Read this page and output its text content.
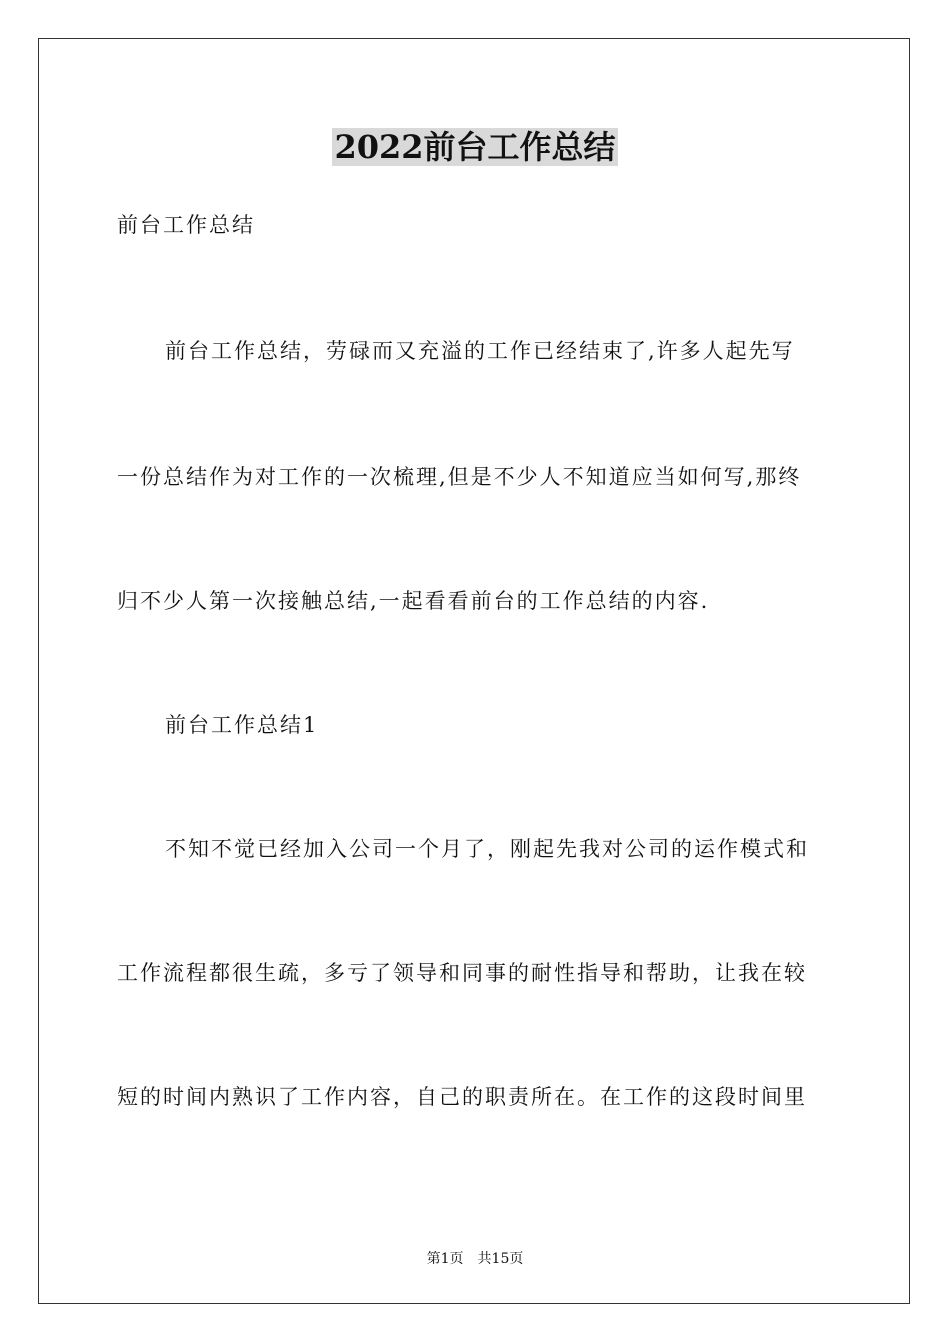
2022前台工作总结

前台工作总结

前台工作总结，劳碌而又充溢的工作已经结束了,许多人起先写

一份总结作为对工作的一次梳理,但是不少人不知道应当如何写,那终

归不少人第一次接触总结,一起看看前台的工作总结的内容.

前台工作总结1

不知不觉已经加入公司一个月了，刚起先我对公司的运作模式和

工作流程都很生疏，多亏了领导和同事的耐性指导和帮助，让我在较

短的时间内熟识了工作内容，自己的职责所在。在工作的这段时间里

第1页 共15页
